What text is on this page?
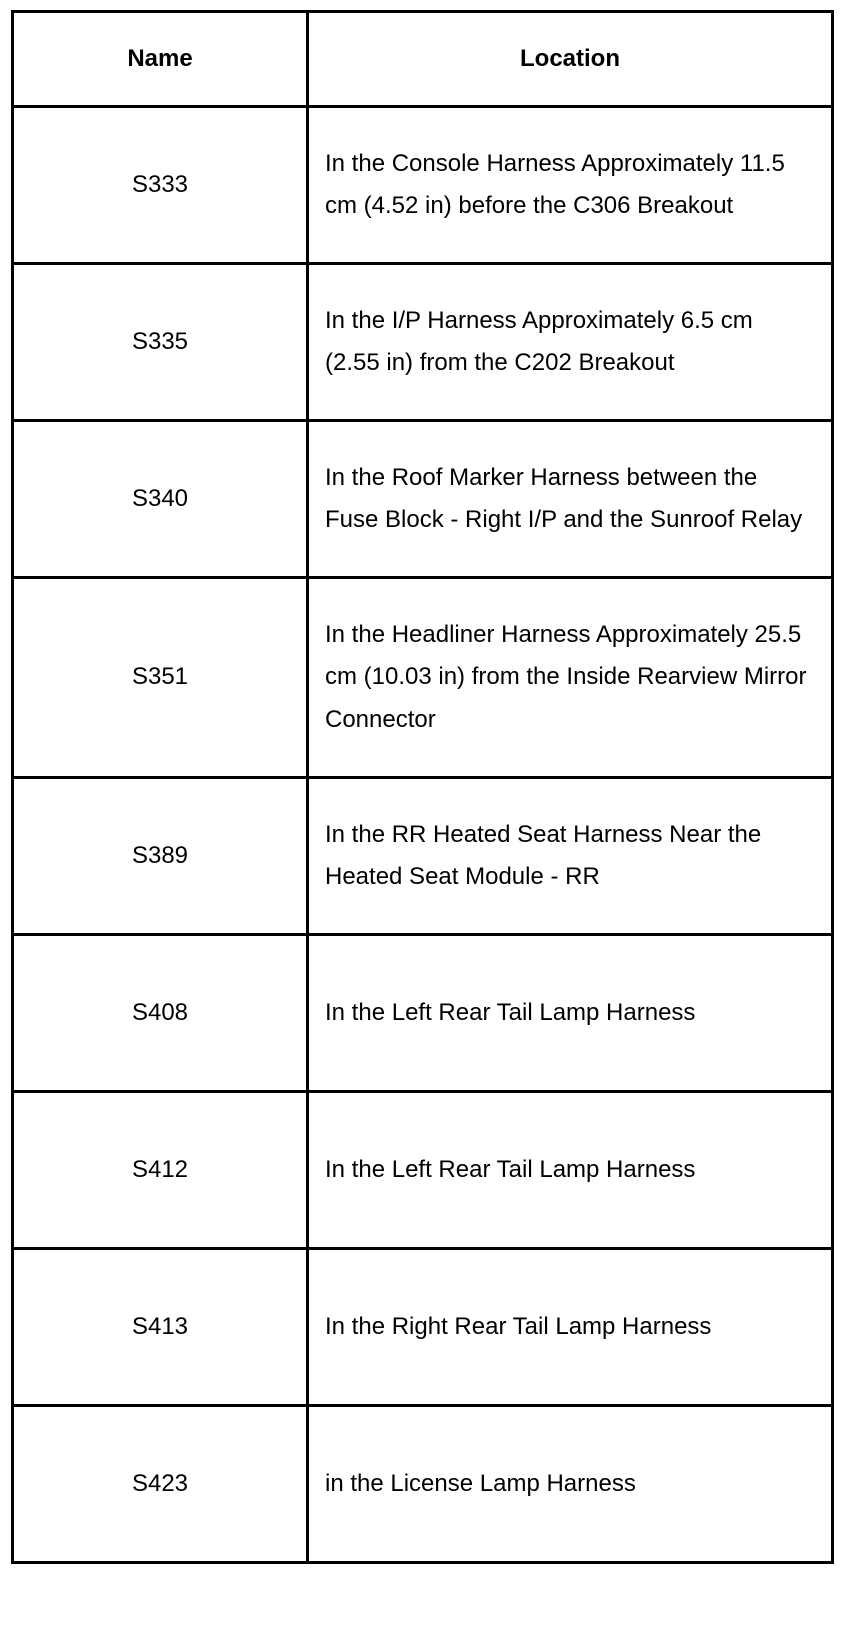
Name	Location
S333	In the Console Harness Approximately 11.5 cm (4.52 in) before the C306 Breakout
S335	In the I/P Harness Approximately 6.5 cm (2.55 in) from the C202 Breakout
S340	In the Roof Marker Harness between the Fuse Block - Right I/P and the Sunroof Relay
S351	In the Headliner Harness Approximately 25.5 cm (10.03 in) from the Inside Rearview Mirror Connector
S389	In the RR Heated Seat Harness Near the Heated Seat Module - RR
S408	In the Left Rear Tail Lamp Harness
S412	In the Left Rear Tail Lamp Harness
S413	In the Right Rear Tail Lamp Harness
S423	in the License Lamp Harness
